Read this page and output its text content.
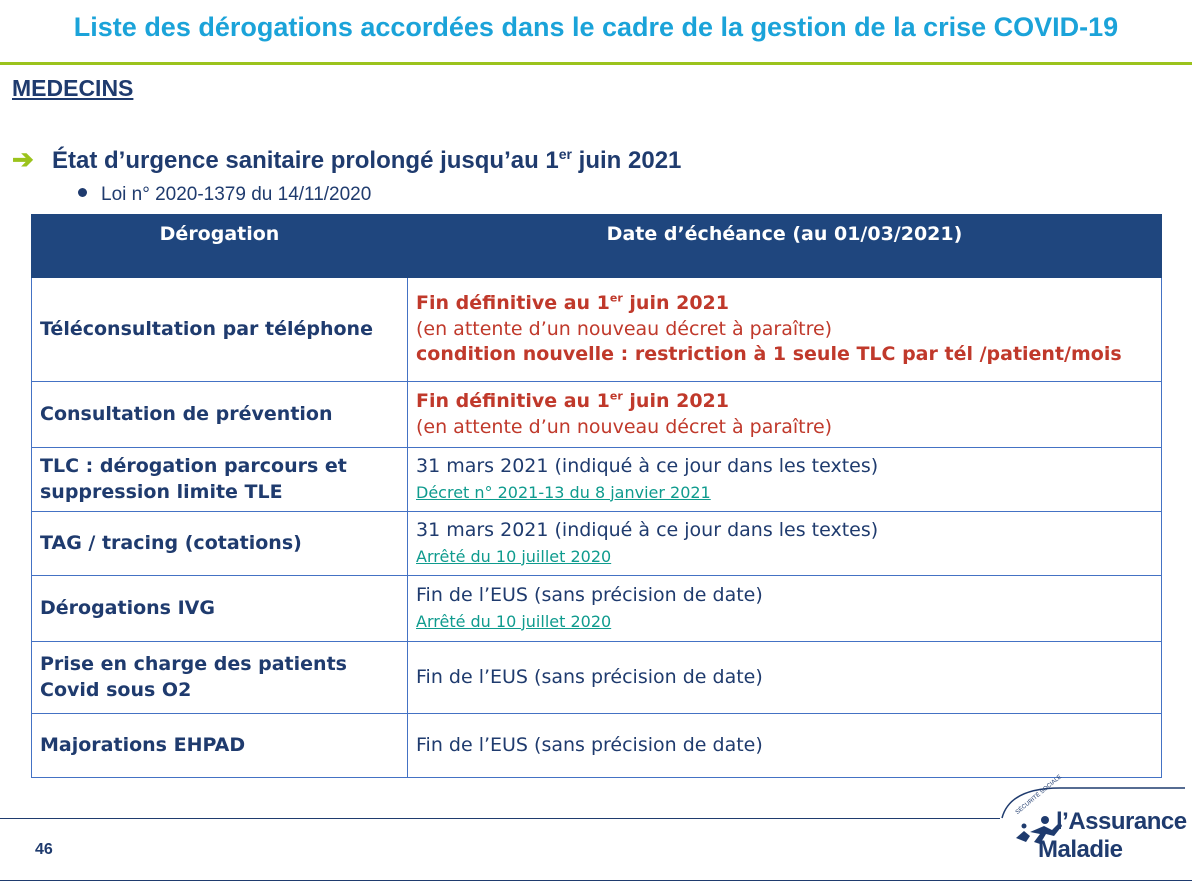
Liste des dérogations accordées dans le cadre de la gestion de la crise COVID-19
MEDECINS
➔ État d’urgence sanitaire prolongé jusqu’au 1er juin 2021
Loi n° 2020-1379 du 14/11/2020
Dérogation	Date d’échéance (au 01/03/2021)
Téléconsultation par téléphone	Fin définitive au 1er juin 2021
(en attente d’un nouveau décret à paraître)
condition nouvelle : restriction à 1 seule TLC par tél /patient/mois

Consultation de prévention	Fin définitive au 1er juin 2021
(en attente d’un nouveau décret à paraître)

TLC : dérogation parcours et suppression limite TLE	31 mars 2021 (indiqué à ce jour dans les textes)
Décret n° 2021-13 du 8 janvier 2021
TAG / tracing (cotations)	31 mars 2021 (indiqué à ce jour dans les textes)
Arrêté du 10 juillet 2020
Dérogations IVG	Fin de l’EUS (sans précision de date)
Arrêté du 10 juillet 2020
Prise en charge des patients Covid sous O2	Fin de l’EUS (sans précision de date)
Majorations EHPAD	Fin de l’EUS (sans précision de date)
46
l’Assurance
Maladie
SÉCURITÉ SOCIALE
